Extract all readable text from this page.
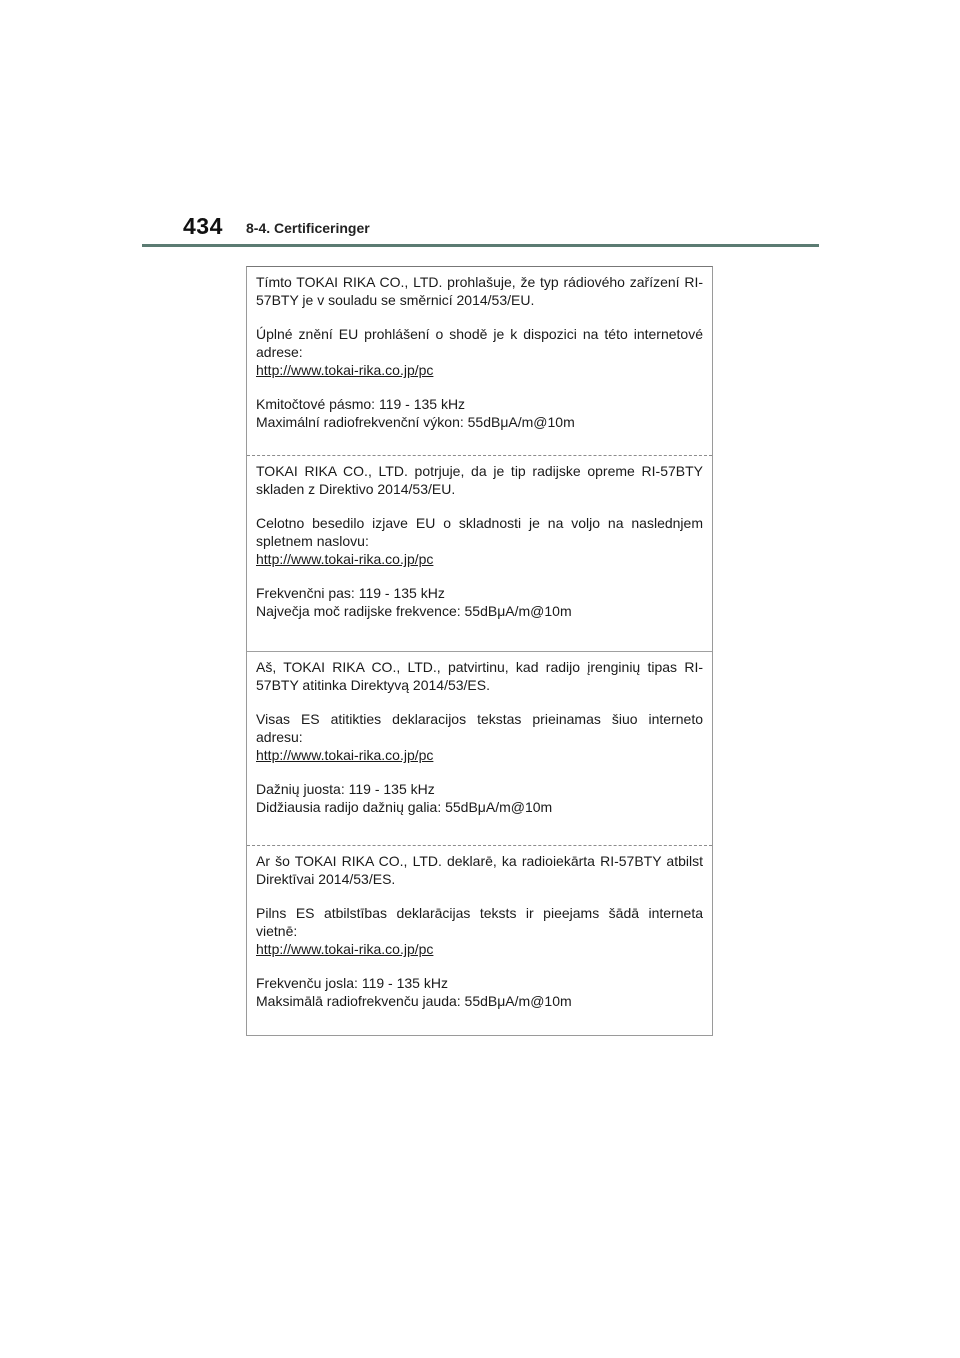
434 8-4. Certificeringer

Tímto TOKAI RIKA CO., LTD. prohlašuje, že typ rádiového zařízení RI-57BTY je v souladu se směrnicí 2014/53/EU.

Úplné znění EU prohlášení o shodě je k dispozici na této internetové adrese:

http://www.tokai-rika.co.jp/pc

Kmitočtové pásmo: 119 - 135 kHz

Maximální radiofrekvenční výkon: 55dBμA/m@10m

TOKAI RIKA CO., LTD. potrjuje, da je tip radijske opreme RI-57BTY skladen z Direktivo 2014/53/EU.

Celotno besedilo izjave EU o skladnosti je na voljo na naslednjem spletnem naslovu:

http://www.tokai-rika.co.jp/pc

Frekvenčni pas: 119 - 135 kHz

Največja moč radijske frekvence: 55dBμA/m@10m

Aš, TOKAI RIKA CO., LTD., patvirtinu, kad radijo įrenginių tipas RI-57BTY atitinka Direktyvą 2014/53/ES.

Visas ES atitikties deklaracijos tekstas prieinamas šiuo interneto adresu:

http://www.tokai-rika.co.jp/pc

Dažnių juosta: 119 - 135 kHz

Didžiausia radijo dažnių galia: 55dBμA/m@10m

Ar šo TOKAI RIKA CO., LTD. deklarē, ka radioiekārta RI-57BTY atbilst Direktīvai 2014/53/ES.

Pilns ES atbilstības deklarācijas teksts ir pieejams šādā interneta vietnē:

http://www.tokai-rika.co.jp/pc

Frekvenču josla: 119 - 135 kHz

Maksimālā radiofrekvenču jauda: 55dBμA/m@10m
